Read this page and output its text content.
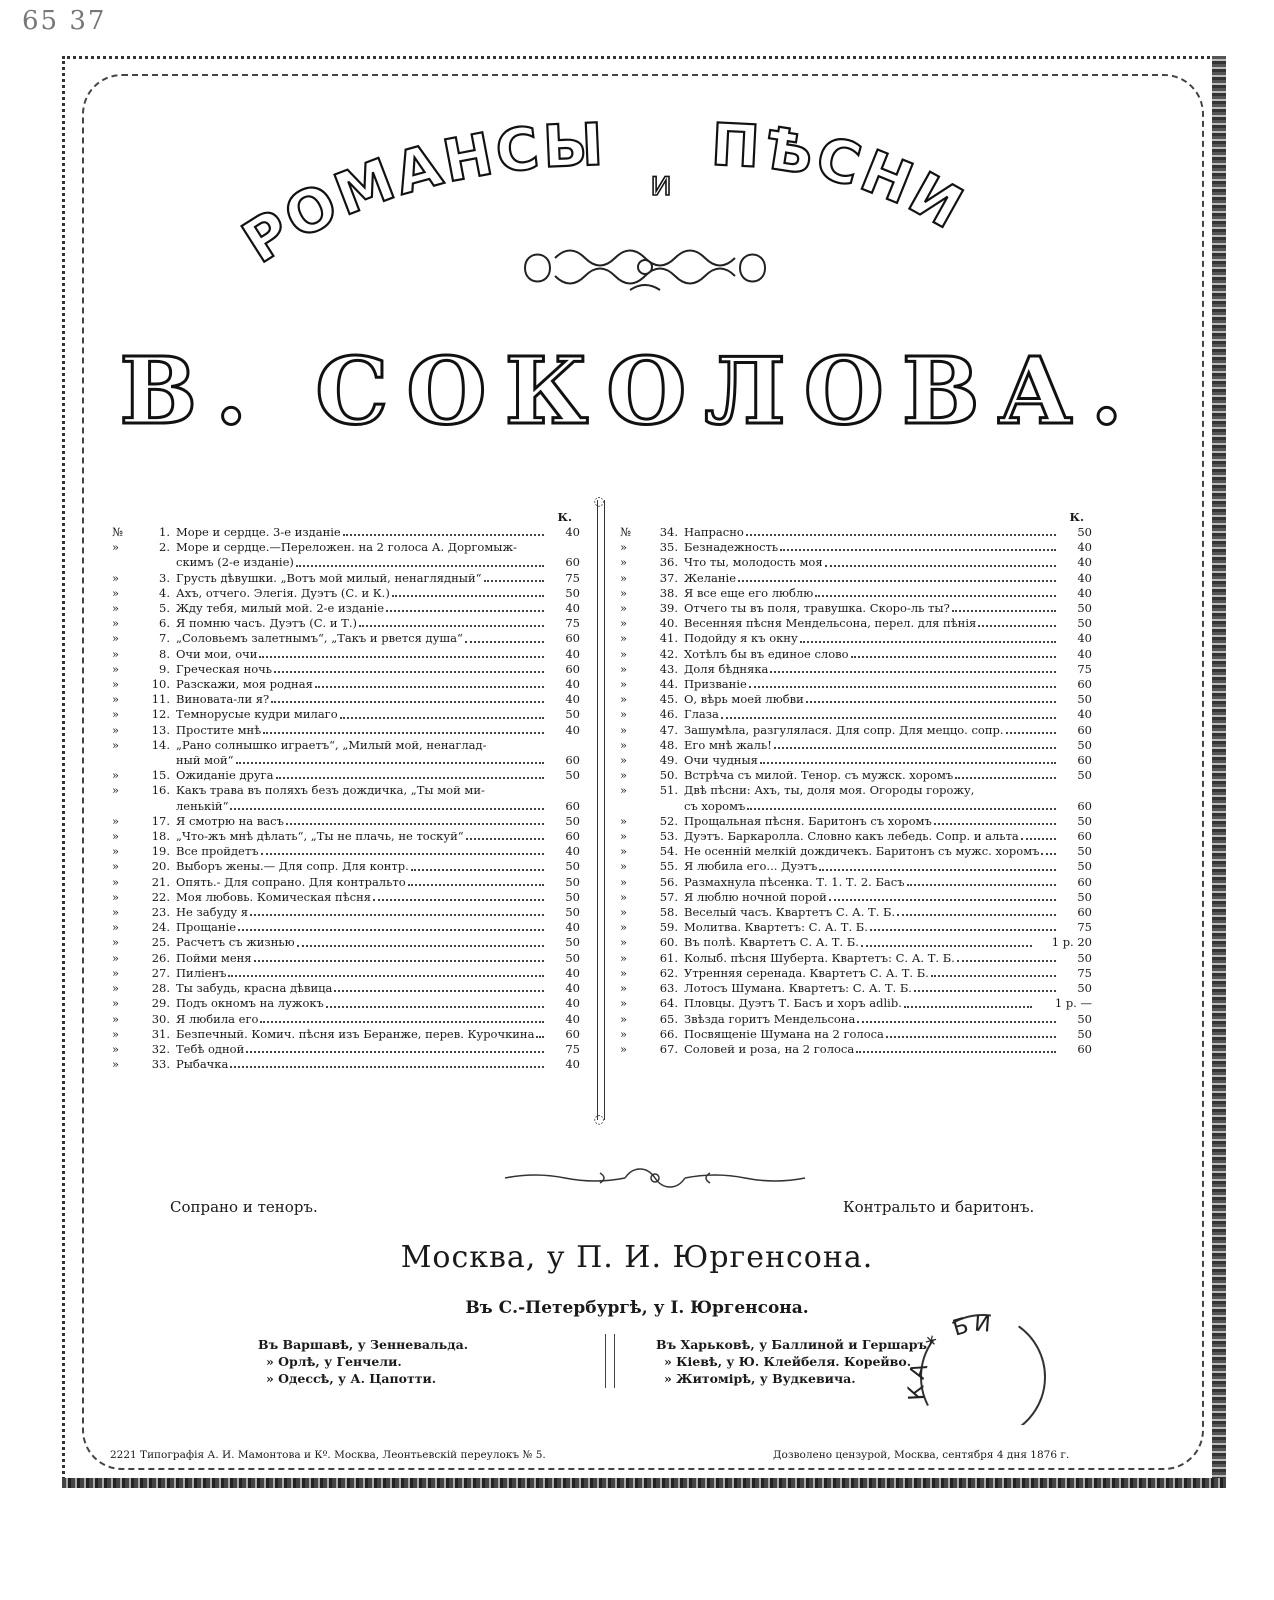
65 37
РОМАНСЫ
и
ПѢСНИ
В. СОКОЛОВА.
К.
№	1. Море и сердце. 3-е изданіе	40
»	2. Море и сердце.—Переложен. на 2 голоса А. Доргомыж-
скимъ (2-е изданіе)	60
»	3. Грусть дѣвушки. „Вотъ мой милый, ненаглядный“	75
»	4. Ахъ, отчего. Элегія. Дуэтъ (С. и К.)	50
»	5. Жду тебя, милый мой. 2-е изданіе	40
»	6. Я помню часъ. Дуэтъ (С. и Т.)	75
»	7. „Соловьемъ залетнымъ“, „Такъ и рвется душа“	60
»	8. Очи мои, очи	40
»	9. Греческая ночь	60
»	10. Разскажи, моя родная	40
»	11. Виновата-ли я?	40
»	12. Темнорусые кудри милаго	50
»	13. Простите мнѣ	40
»	14. „Рано солнышко играетъ“, „Милый мой, ненаглад-
ный мой“	60
»	15. Ожиданіе друга	50
»	16. Какъ трава въ поляхъ безъ дождичка, „Ты мой ми-
ленькій“	60
»	17. Я смотрю на васъ	50
»	18. „Что-жъ мнѣ дѣлать“, „Ты не плачь, не тоскуй“	60
»	19. Все пройдетъ	40
»	20. Выборъ жены.— Для сопр. Для контр.	50
»	21. Опять.- Для сопрано. Для контральто	50
»	22. Моя любовь. Комическая пѣсня	50
»	23. Не забуду я	50
»	24. Прощаніе	40
»	25. Расчетъ съ жизнью	50
»	26. Пойми меня	50
»	27. Пиліенъ	40
»	28. Ты забудь, красна дѣвица	40
»	29. Подъ окномъ на лужокъ	40
»	30. Я любила его	40
»	31. Безпечный. Комич. пѣсня изъ Беранже, перев. Курочкина	60
»	32. Тебѣ одной	75
»	33. Рыбачка	40
◌
◌
К.
№	34. Напрасно	50
»	35. Безнадежность	40
»	36. Что ты, молодость моя	40
»	37. Желаніе	40
»	38. Я все еще его люблю	40
»	39. Отчего ты въ поля, травушка. Скоро-ль ты?	50
»	40. Весенняя пѣсня Мендельсона, перел. для пѣнія	50
»	41. Подойду я къ окну	40
»	42. Хотѣлъ бы въ единое слово	40
»	43. Доля бѣдняка	75
»	44. Призваніе	60
»	45. О, вѣрь моей любви	50
»	46. Глаза	40
»	47. Зашумѣла, разгулялася. Для сопр. Для меццо. сопр.	60
»	48. Его мнѣ жаль!	50
»	49. Очи чудныя	60
»	50. Встрѣча съ милой. Тенор. съ мужск. хоромъ	50
»	51. Двѣ пѣсни: Ахъ, ты, доля моя. Огороды горожу,
съ хоромъ	60
»	52. Прощальная пѣсня. Баритонъ съ хоромъ	50
»	53. Дуэтъ. Баркаролла. Словно какъ лебедь. Сопр. и альта	60
»	54. Не осенній мелкій дождичекъ. Баритонъ съ мужс. хоромъ	50
»	55. Я любила его... Дуэтъ	50
»	56. Размахнула пѣсенка. Т. 1. Т. 2. Басъ	60
»	57. Я люблю ночной порой	50
»	58. Веселый часъ. Квартетъ С. А. Т. Б.	60
»	59. Молитва. Квартетъ: С. А. Т. Б.	75
»	60. Въ полѣ. Квартетъ С. А. Т. Б.	1 р. 20
»	61. Колыб. пѣсня Шуберта. Квартетъ: С. А. Т. Б.	50
»	62. Утренняя серенада. Квартетъ С. А. Т. Б.	75
»	63. Лотосъ Шумана. Квартетъ: С. А. Т. Б.	50
»	64. Пловцы. Дуэтъ Т. Басъ и хоръ adlib.	1 р. —
»	65. Звѣзда горитъ Мендельсона	50
»	66. Посвященіе Шумана на 2 голоса	50
»	67. Соловей и роза, на 2 голоса	60
Сопрано и теноръ.	Контральто и баритонъ.
Москва, у П. И. Юргенсона.
Въ С.-Петербургѣ, у І. Юргенсона.
Въ Варшавѣ, у Зенневальда.
» Орлѣ, у Генчели.
» Одессѣ, у А. Цапотти.
Въ Харьковѣ, у Баллиной и Гершаръ
» Кіевѣ, у Ю. Клейбеля. Корейво.
» Житомірѣ, у Вудкевича.
КА * БИ
2221 Типографія А. И. Мамонтова и Кº. Москва, Леонтьевскій переулокъ № 5.	Дозволено цензурой, Москва, сентября 4 дня 1876 г.
